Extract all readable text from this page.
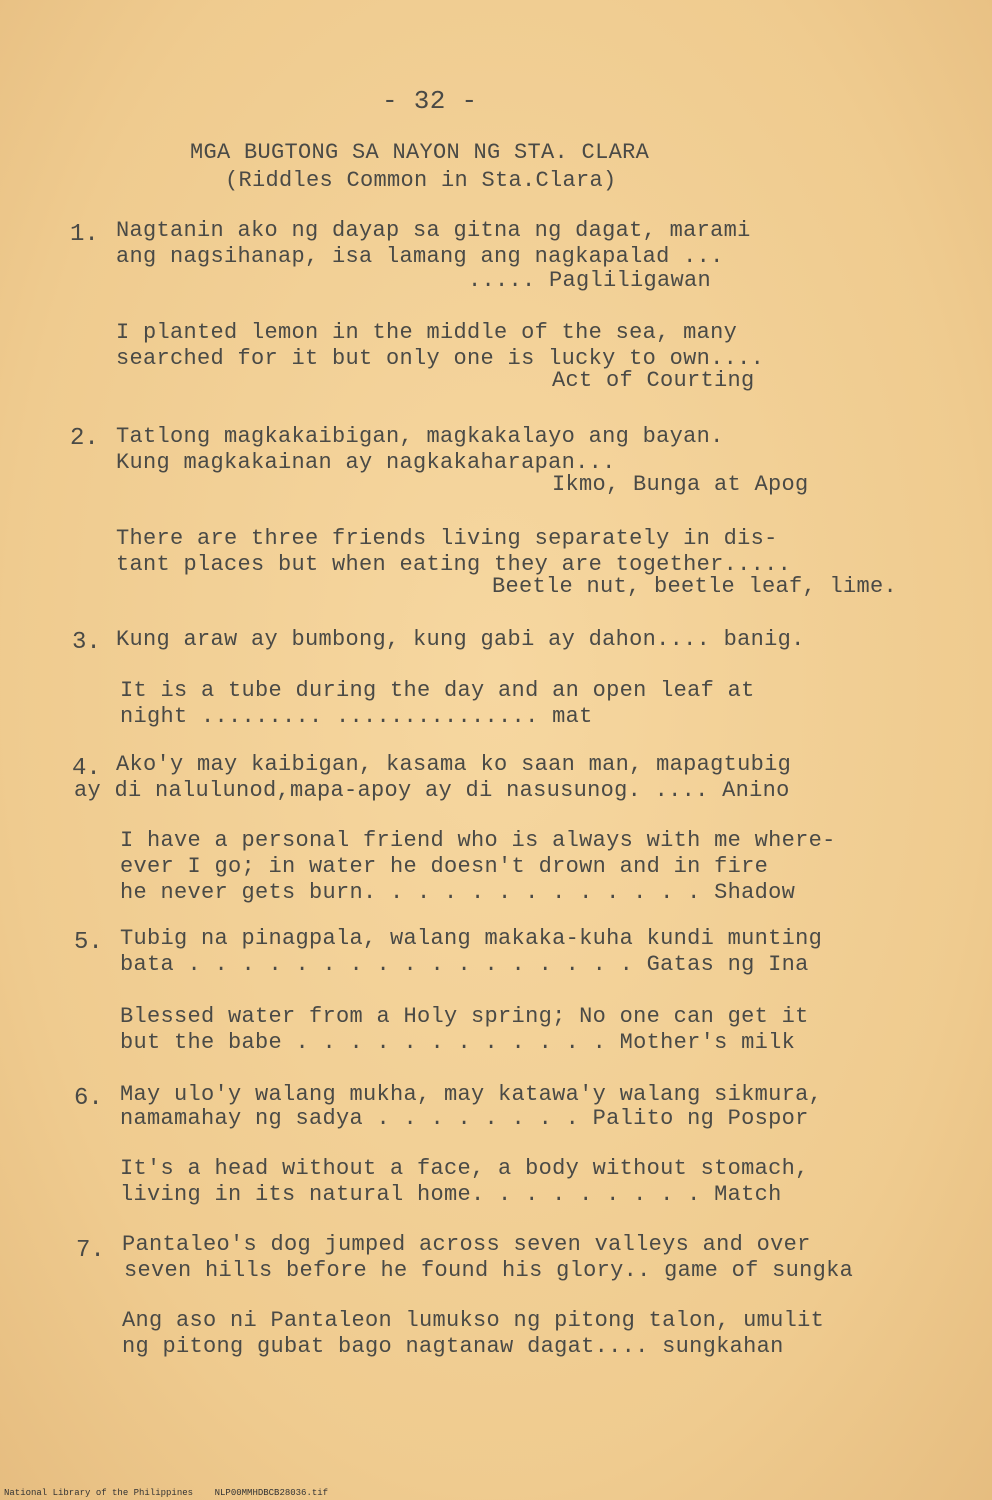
- 32 -
MGA BUGTONG SA NAYON NG STA. CLARA
(Riddles Common in Sta.Clara)
1. Nagtanin ako ng dayap sa gitna ng dagat, marami
ang nagsihanap, isa lamang ang nagkapalad ...
..... Pagliligawan
I planted lemon in the middle of the sea, many
searched for it but only one is lucky to own....
Act of Courting
2. Tatlong magkakaibigan, magkakalayo ang bayan.
Kung magkakainan ay nagkakaharapan...
Ikmo, Bunga at Apog
There are three friends living separately in dis-
tant places but when eating they are together.....
Beetle nut, beetle leaf, lime.
3. Kung araw ay bumbong, kung gabi ay dahon.... banig.
It is a tube during the day and an open leaf at
night ......... ............... mat
4. Ako'y may kaibigan, kasama ko saan man, mapagtubig
ay di nalulunod,mapa-apoy ay di nasusunog. .... Anino
I have a personal friend who is always with me where-
ever I go; in water he doesn't drown and in fire
he never gets burn. . . . . . . . . . . . . Shadow
5. Tubig na pinagpala, walang makaka-kuha kundi munting
bata . . . . . . . . . . . . . . . . . Gatas ng Ina
Blessed water from a Holy spring; No one can get it
but the babe . . . . . . . . . . . . Mother's milk
6. May ulo'y walang mukha, may katawa'y walang sikmura,
namamahay ng sadya . . . . . . . . Palito ng Pospor
It's a head without a face, a body without stomach,
living in its natural home. . . . . . . . . Match
7. Pantaleo's dog jumped across seven valleys and over
seven hills before he found his glory.. game of sungka
Ang aso ni Pantaleon lumukso ng pitong talon, umulit
ng pitong gubat bago nagtanaw dagat.... sungkahan
National Library of the Philippines    NLP00MMHDBCB28036.tif
